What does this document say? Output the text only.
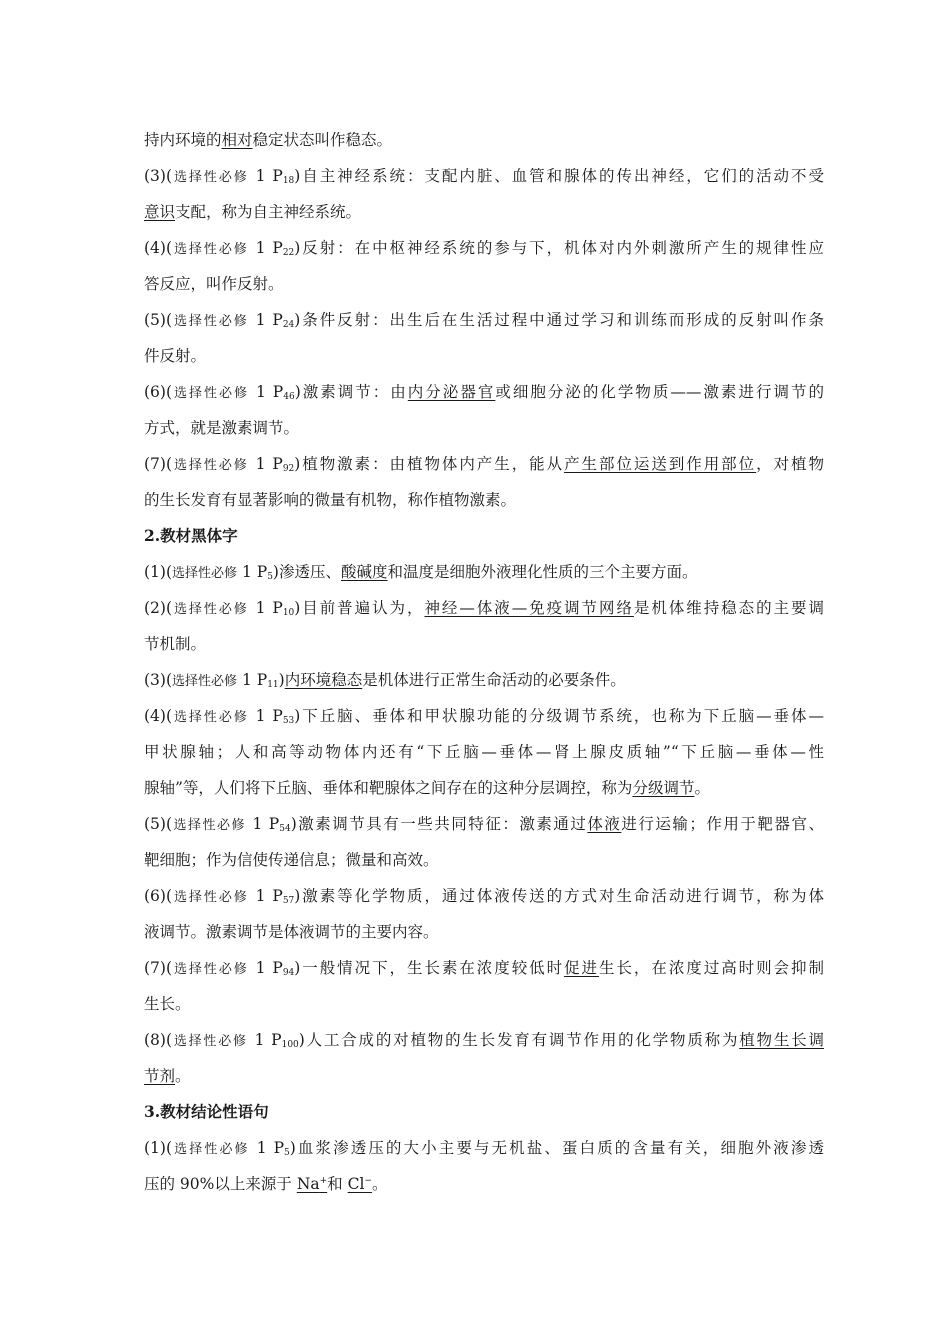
持内环境的相对稳定状态叫作稳态。
(3)(选择性必修 1 $P_{18}$)自主神经系统：支配内脏、血管和腺体的传出神经，它们的活动不受
意识支配，称为自主神经系统。
(4)(选择性必修 1 $P_{22}$)反射：在中枢神经系统的参与下，机体对内外刺激所产生的规律性应
答反应，叫作反射。
(5)(选择性必修 1 $P_{24}$)条件反射：出生后在生活过程中通过学习和训练而形成的反射叫作条
件反射。
(6)(选择性必修 1 $P_{46}$)激素调节：由内分泌器官或细胞分泌的化学物质——激素进行调节的
方式，就是激素调节。
(7)(选择性必修 1 $P_{92}$)植物激素：由植物体内产生，能从产生部位运送到作用部位，对植物
的生长发育有显著影响的微量有机物，称作植物激素。
2.教材黑体字
(1)(选择性必修 1 $P_5$)渗透压、酸碱度和温度是细胞外液理化性质的三个主要方面。
(2)(选择性必修 1 $P_{10}$)目前普遍认为，神经—体液—免疫调节网络是机体维持稳态的主要调
节机制。
(3)(选择性必修 1 $P_{11}$)内环境稳态是机体进行正常生命活动的必要条件。
(4)(选择性必修 1 $P_{53}$)下丘脑、垂体和甲状腺功能的分级调节系统，也称为下丘脑—垂体—
甲状腺轴；人和高等动物体内还有“下丘脑—垂体—肾上腺皮质轴”“下丘脑—垂体—性
腺轴”等，人们将下丘脑、垂体和靶腺体之间存在的这种分层调控，称为分级调节。
(5)(选择性必修 1 $P_{54}$)激素调节具有一些共同特征：激素通过体液进行运输；作用于靶器官、
靶细胞；作为信使传递信息；微量和高效。
(6)(选择性必修 1 $P_{57}$)激素等化学物质，通过体液传送的方式对生命活动进行调节，称为体
液调节。激素调节是体液调节的主要内容。
(7)(选择性必修 1 $P_{94}$)一般情况下，生长素在浓度较低时促进生长，在浓度过高时则会抑制
生长。
(8)(选择性必修 1 $P_{100}$)人工合成的对植物的生长发育有调节作用的化学物质称为植物生长调
节剂。
3.教材结论性语句
(1)(选择性必修 1 $P_5$)血浆渗透压的大小主要与无机盐、蛋白质的含量有关，细胞外液渗透
压的 90%以上来源于 Na+和 Cl−。
